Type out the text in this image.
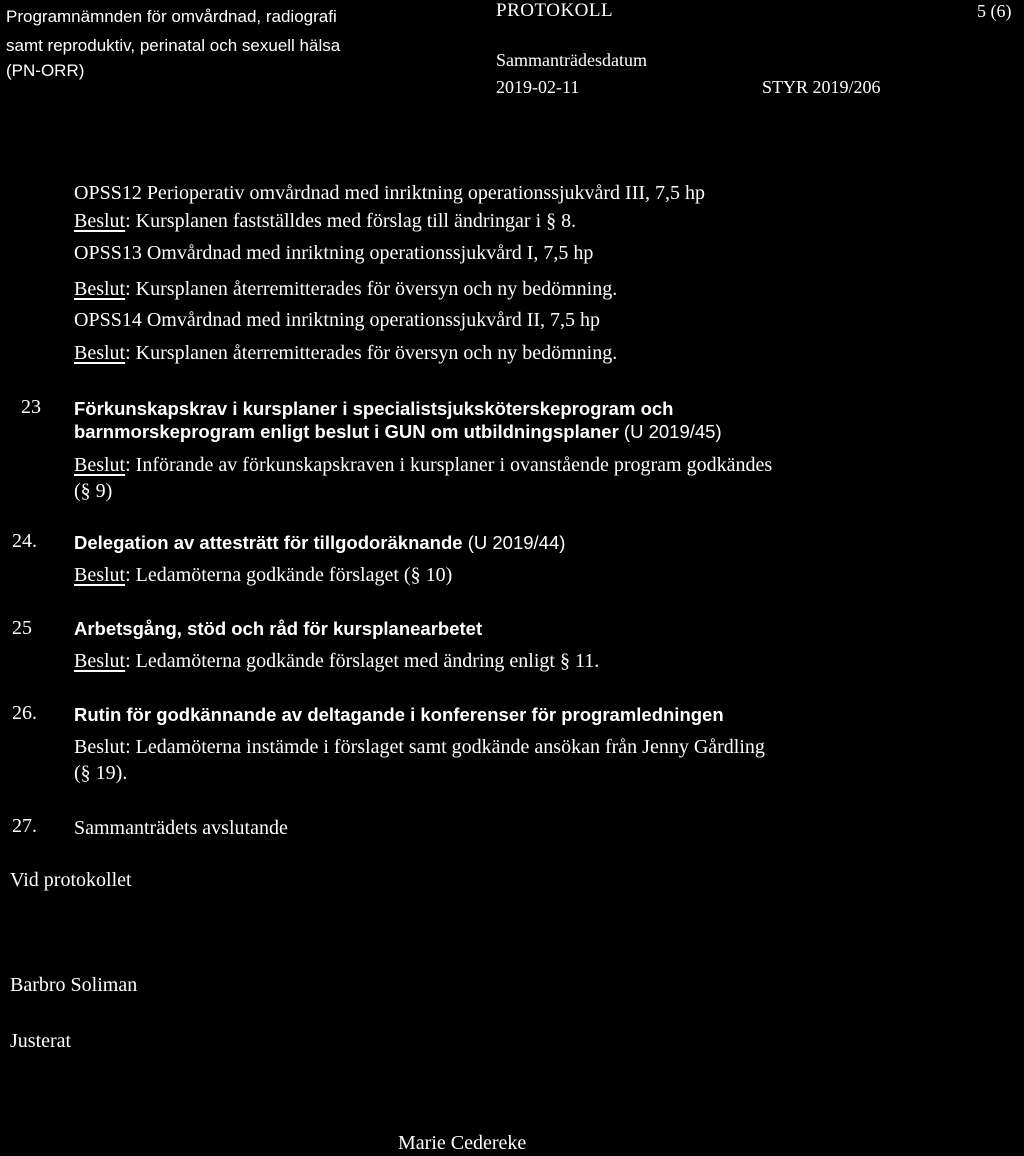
Programnämnden för omvårdnad, radiografi
samt reproduktiv, perinatal och sexuell hälsa
(PN-ORR)
PROTOKOLL	5 (6)
Sammanträdesdatum
2019-02-11	STYR 2019/206
OPSS12 Perioperativ omvårdnad med inriktning operationssjukvård III, 7,5 hp
Beslut: Kursplanen fastställdes med förslag till ändringar i § 8.
OPSS13 Omvårdnad med inriktning operationssjukvård I, 7,5 hp
Beslut: Kursplanen återremitterades för översyn och ny bedömning.
OPSS14 Omvårdnad med inriktning operationssjukvård II, 7,5 hp
Beslut: Kursplanen återremitterades för översyn och ny bedömning.
23 Förkunskapskrav i kursplaner i specialistsjuksköterskeprogram och
barnmorskeprogram enligt beslut i GUN om utbildningsplaner (U 2019/45)
Beslut: Införande av förkunskapskraven i kursplaner i ovanstående program godkändes
(§ 9)
24. Delegation av attesträtt för tillgodoräknande (U 2019/44)
Beslut: Ledamöterna godkände förslaget (§ 10)
25 Arbetsgång, stöd och råd för kursplanearbetet
Beslut: Ledamöterna godkände förslaget med ändring enligt § 11.
26. Rutin för godkännande av deltagande i konferenser för programledningen
Beslut: Ledamöterna instämde i förslaget samt godkände ansökan från Jenny Gårdling
(§ 19).
27. Sammanträdets avslutande
Vid protokollet
Barbro Soliman
Justerat
Marie Cedereke
